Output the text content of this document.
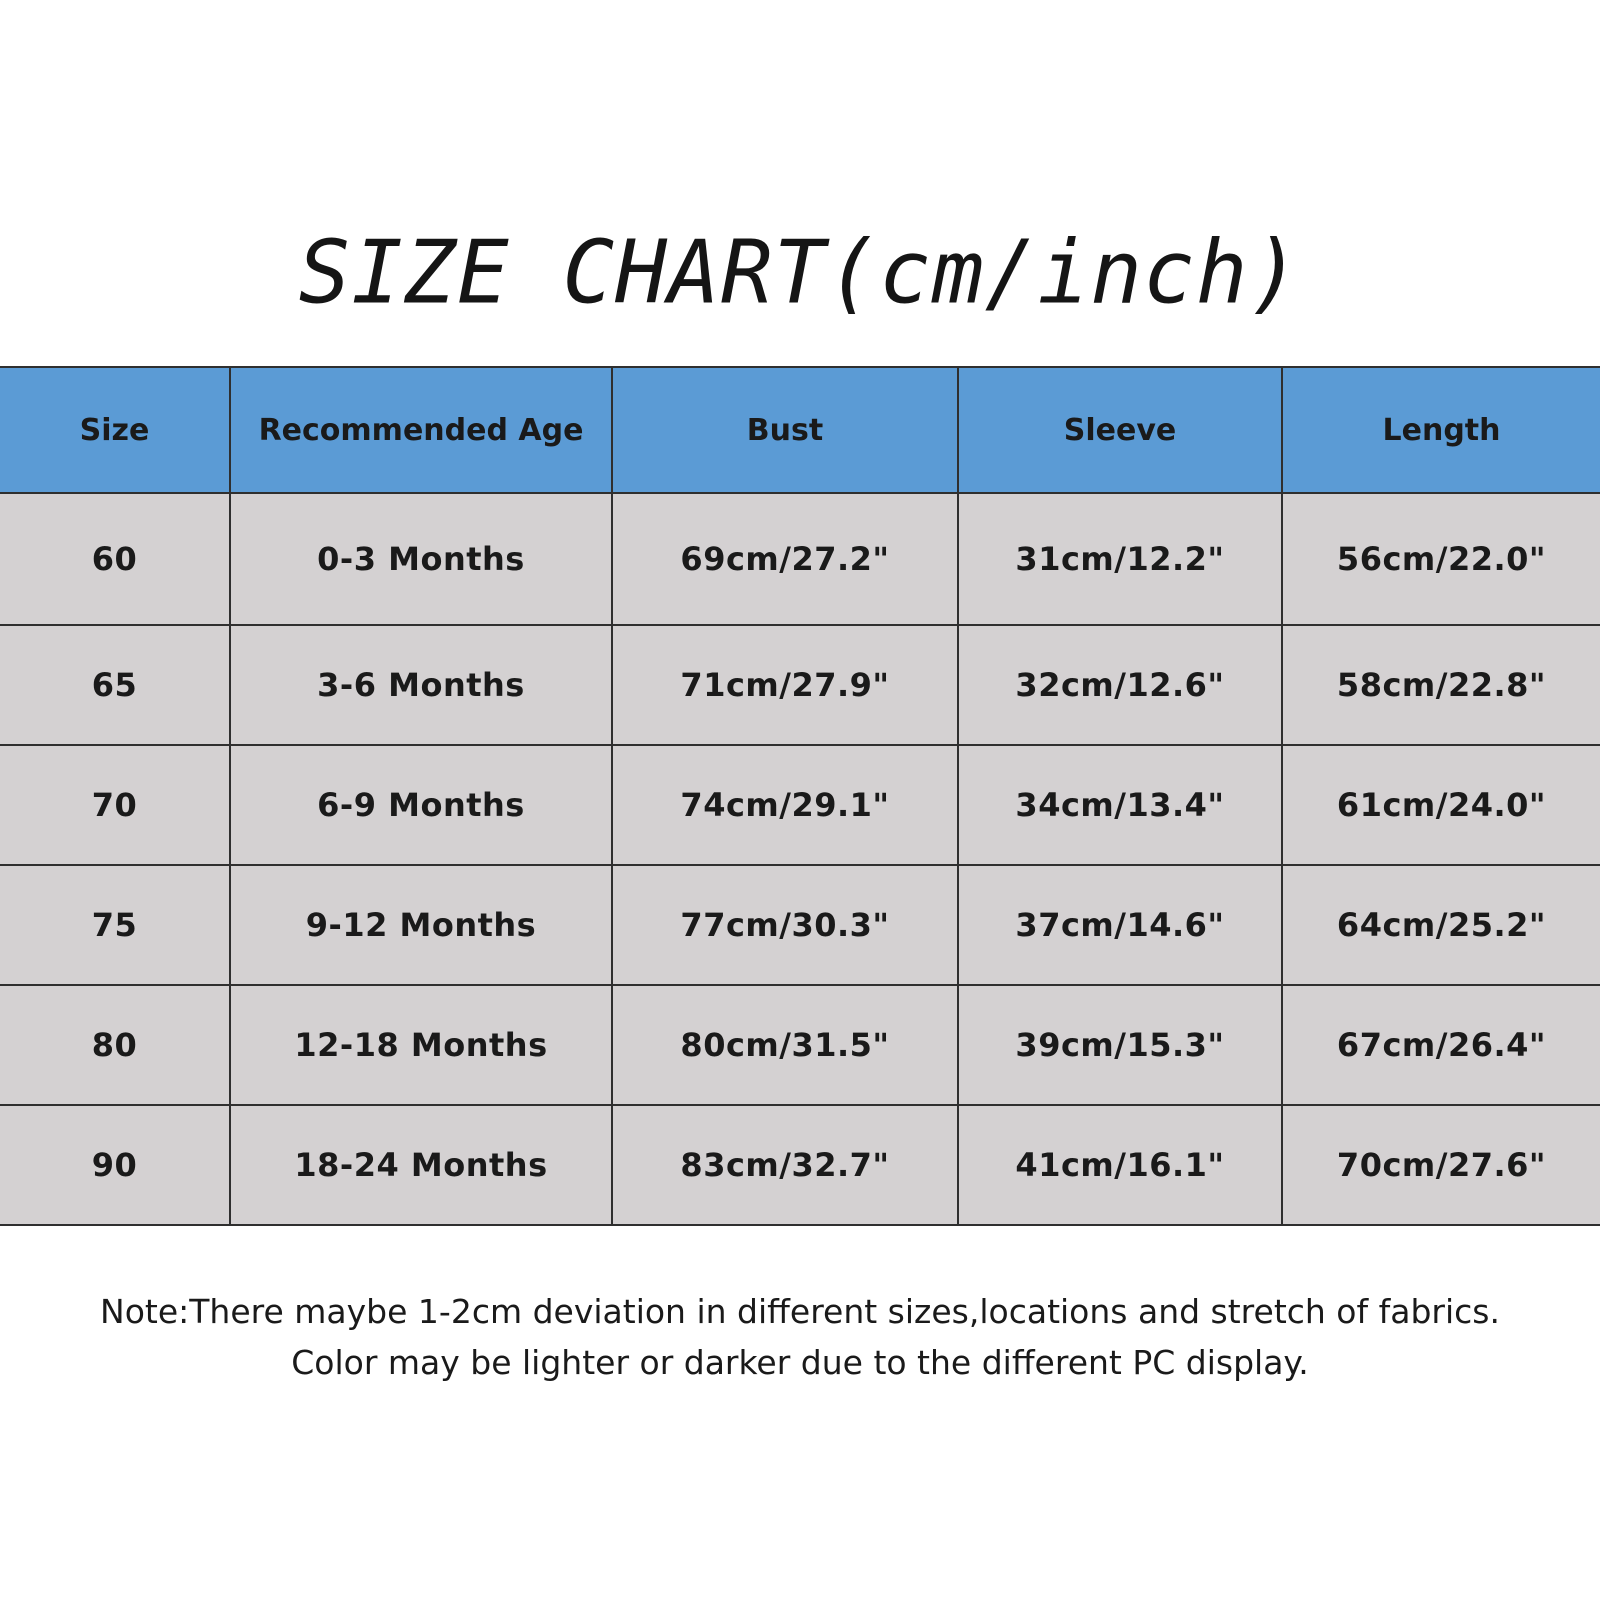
SIZE CHART(cm/inch)
Size	Recommended Age	Bust	Sleeve	Length
60	0-3 Months	69cm/27.2"	31cm/12.2"	56cm/22.0"
65	3-6 Months	71cm/27.9"	32cm/12.6"	58cm/22.8"
70	6-9 Months	74cm/29.1"	34cm/13.4"	61cm/24.0"
75	9-12 Months	77cm/30.3"	37cm/14.6"	64cm/25.2"
80	12-18 Months	80cm/31.5"	39cm/15.3"	67cm/26.4"
90	18-24 Months	83cm/32.7"	41cm/16.1"	70cm/27.6"
Note:There maybe 1-2cm deviation in different sizes,locations and stretch of fabrics.
Color may be lighter or darker due to the different PC display.
